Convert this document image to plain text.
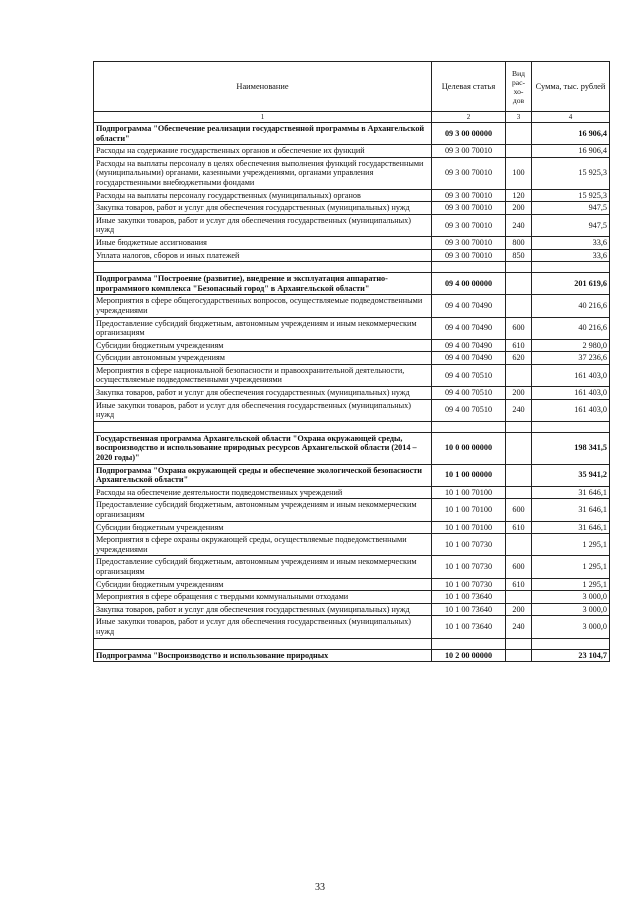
Наименование	Целевая статья	Вид рас-хо-дов	Сумма, тыс. рублей
1	2	3	4
Подпрограмма "Обеспечение реализации государственной программы в Архангельской области"	09 3 00 00000		16 906,4
Расходы на содержание государственных органов и обеспечение их функций	09 3 00 70010		16 906,4
Расходы на выплаты персоналу в целях обеспечения выполнения функций государственными (муниципальными) органами, казенными учреждениями, органами управления государственными внебюджетными фондами	09 3 00 70010	100	15 925,3
Расходы на выплаты персоналу государственных (муниципальных) органов	09 3 00 70010	120	15 925,3
Закупка товаров, работ и услуг для обеспечения государственных (муниципальных) нужд	09 3 00 70010	200	947,5
Иные закупки товаров, работ и услуг для обеспечения государственных (муниципальных) нужд	09 3 00 70010	240	947,5
Иные бюджетные ассигнования	09 3 00 70010	800	33,6
Уплата налогов, сборов и иных платежей	09 3 00 70010	850	33,6

Подпрограмма "Построение (развитие), внедрение и эксплуатация аппаратно-программного комплекса "Безопасный город" в Архангельской области"	09 4 00 00000		201 619,6
Мероприятия в сфере общегосударственных вопросов, осуществляемые подведомственными учреждениями	09 4 00 70490		40 216,6
Предоставление субсидий бюджетным, автономным учреждениям и иным некоммерческим организациям	09 4 00 70490	600	40 216,6
Субсидии бюджетным учреждениям	09 4 00 70490	610	2 980,0
Субсидии автономным учреждениям	09 4 00 70490	620	37 236,6
Мероприятия в сфере национальной безопасности и правоохранительной деятельности, осуществляемые подведомственными учреждениями	09 4 00 70510		161 403,0
Закупка товаров, работ и услуг для обеспечения государственных (муниципальных) нужд	09 4 00 70510	200	161 403,0
Иные закупки товаров, работ и услуг для обеспечения государственных (муниципальных) нужд	09 4 00 70510	240	161 403,0

Государственная программа Архангельской области "Охрана окружающей среды, воспроизводство и использование природных ресурсов Архангельской области (2014 – 2020 годы)"	10 0 00 00000		198 341,5
Подпрограмма "Охрана окружающей среды и обеспечение экологической безопасности Архангельской области"	10 1 00 00000		35 941,2
Расходы на обеспечение деятельности подведомственных учреждений	10 1 00 70100		31 646,1
Предоставление субсидий бюджетным, автономным учреждениям и иным некоммерческим организациям	10 1 00 70100	600	31 646,1
Субсидии бюджетным учреждениям	10 1 00 70100	610	31 646,1
Мероприятия в сфере охраны окружающей среды, осуществляемые подведомственными учреждениями	10 1 00 70730		1 295,1
Предоставление субсидий бюджетным, автономным учреждениям и иным некоммерческим организациям	10 1 00 70730	600	1 295,1
Субсидии бюджетным учреждениям	10 1 00 70730	610	1 295,1
Мероприятия в сфере обращения с твердыми коммунальными отходами	10 1 00 73640		3 000,0
Закупка товаров, работ и услуг для обеспечения государственных (муниципальных) нужд	10 1 00 73640	200	3 000,0
Иные закупки товаров, работ и услуг для обеспечения государственных (муниципальных) нужд	10 1 00 73640	240	3 000,0

Подпрограмма "Воспроизводство и использование природных	10 2 00 00000		23 104,7
33
